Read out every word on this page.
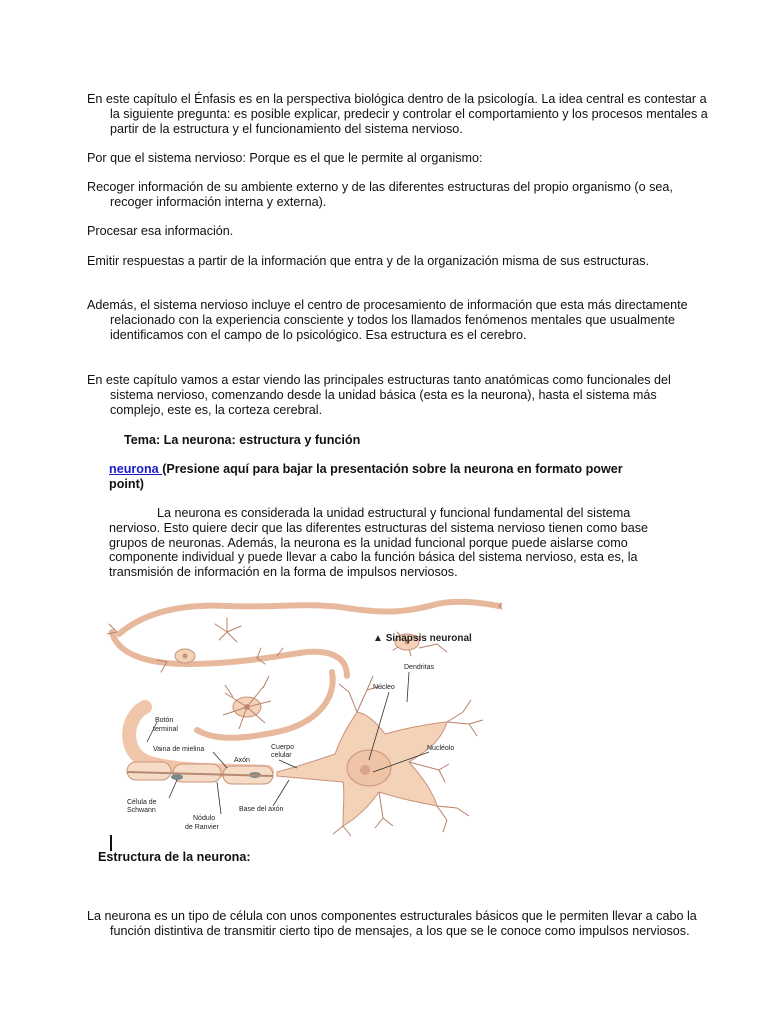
En este capítulo el Énfasis es en la perspectiva biológica dentro de la psicología. La idea central es contestar a la siguiente pregunta: es posible explicar, predecir y controlar el comportamiento y los procesos mentales a partir de la estructura y el funcionamiento del sistema nervioso.

Por que el sistema nervioso: Porque es el que le permite al organismo:

Recoger información de su ambiente externo y de las diferentes estructuras del propio organismo (o sea, recoger información interna y externa).

Procesar esa información.

Emitir respuestas a partir de la información que entra y de la organización misma de sus estructuras.

Además, el sistema nervioso incluye el centro de procesamiento de información que esta más directamente relacionado con la experiencia consciente y todos los llamados fenómenos mentales que usualmente identificamos con el campo de lo psicológico. Esa estructura es el cerebro.

En este capítulo vamos a estar viendo las principales estructuras tanto anatómicas como funcionales del sistema nervioso, comenzando desde la unidad básica (esta es la neurona), hasta el sistema más complejo, este es, la corteza cerebral.

Tema: La neurona: estructura y función

neurona (Presione aquí para bajar la presentación sobre la neurona en formato power point)

La neurona es considerada la unidad estructural y funcional fundamental del sistema nervioso. Esto quiere decir que las diferentes estructuras del sistema nervioso tienen como base grupos de neuronas. Además, la neurona es la unidad funcional porque puede aislarse como componente individual y puede llevar a cabo la función básica del sistema nervioso, esta es, la transmisión de información en la forma de impulsos nerviosos.

▲ Sinapsis neuronal
Dendritas
Núcleo
Nucléolo
Botón
terminal
Vaina de mielina
Axón
Cuerpo
celular
Célula de
Schwann
Nódulo
de Ranvier
Base del axón

Estructura de la neurona:

La neurona es un tipo de célula con unos componentes estructurales básicos que le permiten llevar a cabo la función distintiva de transmitir cierto tipo de mensajes, a los que se le conoce como impulsos nerviosos.
